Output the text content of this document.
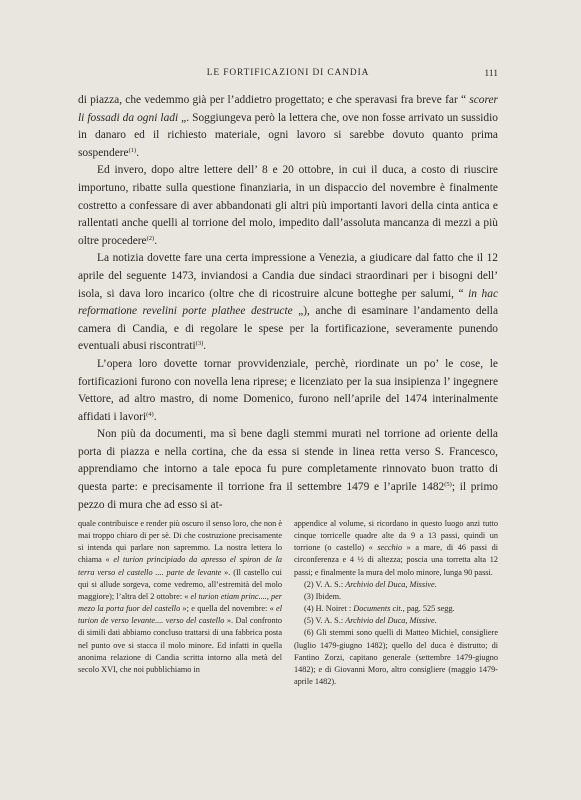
LE FORTIFICAZIONI DI CANDIA	111

di piazza, che vedemmo già per l’addietro progettato; e che speravasi fra breve far “ scorer li fossadi da ogni ladi „. Soggiungeva però la lettera che, ove non fosse arrivato un sussidio in danaro ed il richiesto materiale, ogni lavoro si sarebbe dovuto quanto prima sospendere$^{(1)}$.

Ed invero, dopo altre lettere dell’ 8 e 20 ottobre, in cui il duca, a costo di riuscire importuno, ribatte sulla questione finanziaria, in un dispaccio del novembre è finalmente costretto a confessare di aver abbandonati gli altri più importanti lavori della cinta antica e rallentati anche quelli al torrione del molo, impedito dall’assoluta mancanza di mezzi a più oltre procedere$^{(2)}$.

La notizia dovette fare una certa impressione a Venezia, a giudicare dal fatto che il 12 aprile del seguente 1473, inviandosi a Candia due sindaci straordinari per i bisogni dell’ isola, si dava loro incarico (oltre che di ricostruire alcune botteghe per salumi, “ in hac reformatione revelini porte plathee destructe „), anche di esaminare l’andamento della camera di Candia, e di regolare le spese per la fortificazione, severamente punendo eventuali abusi riscontrati$^{(3)}$.

L’opera loro dovette tornar provvidenziale, perchè, riordinate un po’ le cose, le fortificazioni furono con novella lena riprese; e licenziato per la sua insipienza l’ ingegnere Vettore, ad altro mastro, di nome Domenico, furono nell’aprile del 1474 interinalmente affidati i lavori$^{(4)}$.

Non più da documenti, ma sì bene dagli stemmi murati nel torrione ad oriente della porta di piazza e nella cortina, che da essa si stende in linea retta verso S. Francesco, apprendiamo che intorno a tale epoca fu pure completamente rinnovato buon tratto di questa parte: e precisamente il torrione fra il settembre 1479 e l’aprile 1482$^{(5)}$; il primo pezzo di mura che ad esso si at-

quale contribuisce e render più oscuro il senso loro, che non è mai troppo chiaro di per sè. Di che costruzione precisamente si intenda qui parlare non sapremmo. La nostra lettera lo chiama « el turion principiado da apresso el spiron de la terra verso el castello .... parte de levante ». (Il castello cui qui si allude sorgeva, come vedremo, all’estremità del molo maggiore); l’altra del 2 ottobre: « el turion etiam princ...., per mezo la porta fuor del castello »; e quella del novembre: « el turion de verso levante.... verso del castello ». Dal confronto di simili dati abbiamo concluso trattarsi di una fabbrica posta nel punto ove si stacca il molo minore. Ed infatti in quella anonima relazione di Candia scritta intorno alla metà del secolo XVI, che noi pubblichiamo in

appendice al volume, si ricordano in questo luogo anzi tutto cinque torricelle quadre alte da 9 a 13 passi, quindi un torrione (o castello) « secchio » a mare, di 46 passi di circonferenza e 4 ½ di altezza; poscia una torretta alta 12 passi; e finalmente la mura del molo minore, lunga 90 passi.

(2) V. A. S.: Archivio del Duca, Missive.

(3) Ibidem.

(4) H. Noiret : Documents cit., pag. 525 segg.

(5) V. A. S.: Archivio del Duca, Missive.

(6) Gli stemmi sono quelli di Matteo Michiel, consigliere (luglio 1479-giugno 1482); quello del duca è distrutto; di Fantino Zorzi, capitano generale (settembre 1479-giugno 1482); e di Giovanni Moro, altro consigliere (maggio 1479-aprile 1482).
